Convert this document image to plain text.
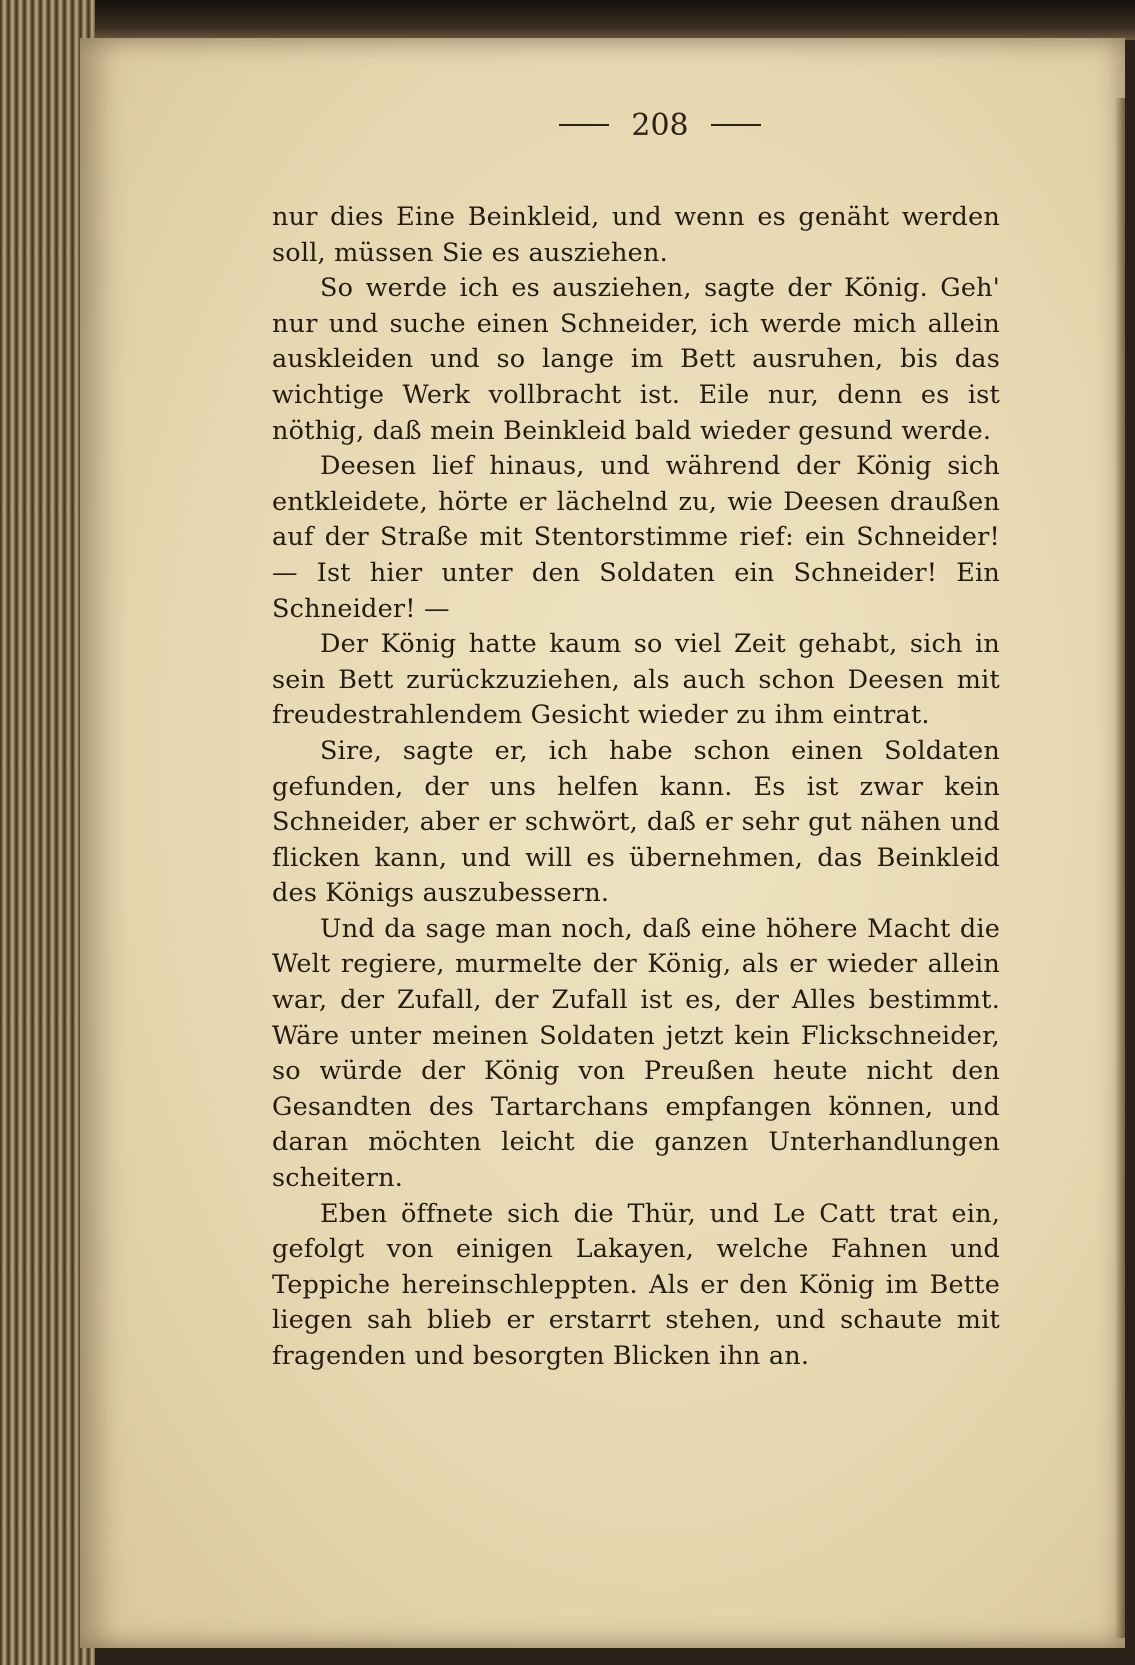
208

nur dies Eine Beinkleid, und wenn es genäht werden soll, müssen Sie es ausziehen.

So werde ich es ausziehen, sagte der König. Geh' nur und suche einen Schneider, ich werde mich allein auskleiden und so lange im Bett ausruhen, bis das wichtige Werk vollbracht ist. Eile nur, denn es ist nöthig, daß mein Beinkleid bald wieder gesund werde.

Deesen lief hinaus, und während der König sich entkleidete, hörte er lächelnd zu, wie Deesen draußen auf der Straße mit Stentorstimme rief: ein Schneider! — Ist hier unter den Soldaten ein Schneider! Ein Schneider! —

Der König hatte kaum so viel Zeit gehabt, sich in sein Bett zurückzuziehen, als auch schon Deesen mit freudestrahlendem Gesicht wieder zu ihm eintrat.

Sire, sagte er, ich habe schon einen Soldaten gefunden, der uns helfen kann. Es ist zwar kein Schneider, aber er schwört, daß er sehr gut nähen und flicken kann, und will es übernehmen, das Beinkleid des Königs auszubessern.

Und da sage man noch, daß eine höhere Macht die Welt regiere, murmelte der König, als er wieder allein war, der Zufall, der Zufall ist es, der Alles bestimmt. Wäre unter meinen Soldaten jetzt kein Flickschneider, so würde der König von Preußen heute nicht den Gesandten des Tartarchans empfangen können, und daran möchten leicht die ganzen Unterhandlungen scheitern.

Eben öffnete sich die Thür, und Le Catt trat ein, gefolgt von einigen Lakayen, welche Fahnen und Teppiche hereinschleppten. Als er den König im Bette liegen sah blieb er erstarrt stehen, und schaute mit fragenden und besorgten Blicken ihn an.
